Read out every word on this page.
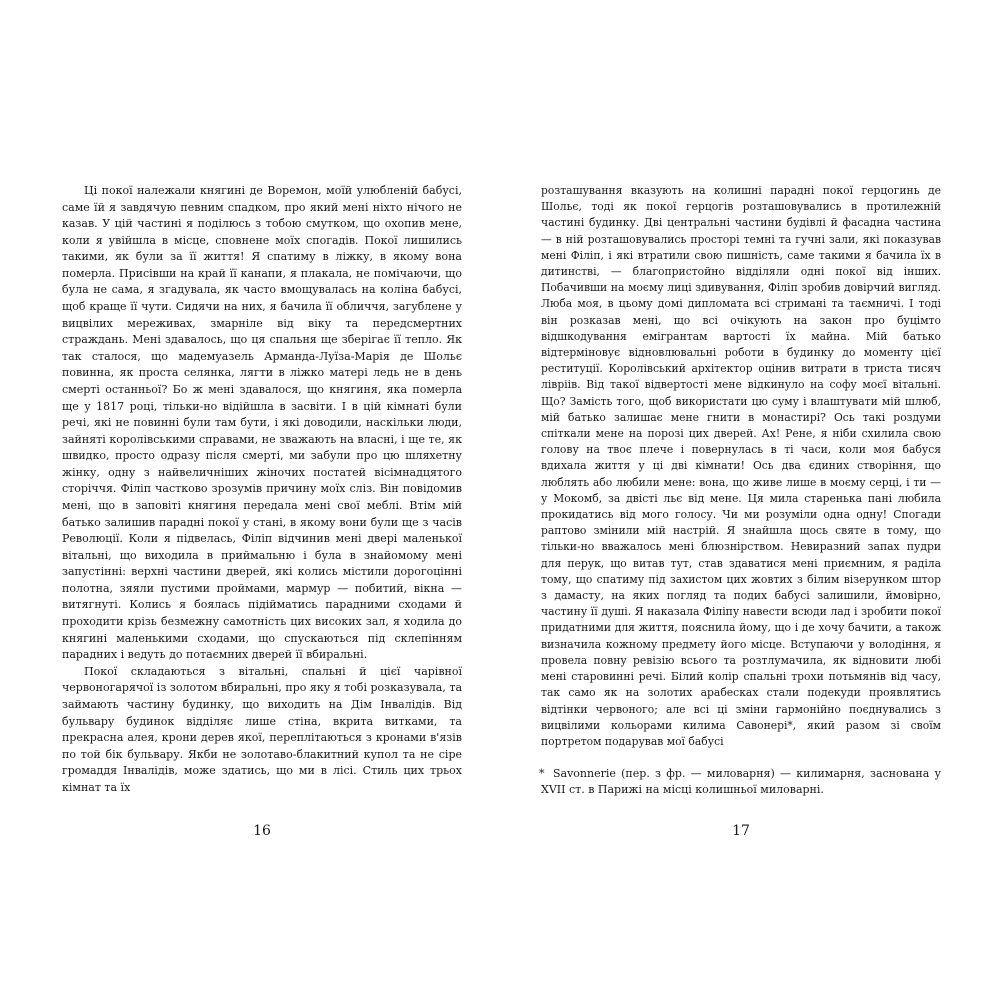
Ці покої належали княгині де Воремон, моїй улюбленій бабусі, саме їй я завдячую певним спадком, про який мені ніхто нічого не казав. У цій частині я поділюсь з тобою смутком, що охопив мене, коли я увійшла в місце, сповнене моїх спогадів. Покої лишились такими, як були за її життя! Я спатиму в ліжку, в якому вона померла. Присівши на край її канапи, я плакала, не помічаючи, що була не сама, я згадувала, як часто вмощувалась на коліна бабусі, щоб краще її чути. Сидячи на них, я бачила її обличчя, загублене у вицвілих мереживах, змарніле від віку та передсмертних страждань. Мені здавалось, що ця спальня ще зберігає її тепло. Як так сталося, що мадемуазель Арманда-Луїза-Марія де Шольє повинна, як проста селянка, лягти в ліжко матері ледь не в день смерті останньої? Бо ж мені здавалося, що княгиня, яка померла ще у 1817 році, тільки-но відійшла в засвіти. І в цій кімнаті були речі, які не повинні були там бути, і які доводили, наскільки люди, зайняті королівськими справами, не зважають на власні, і ще те, як швидко, просто одразу після смерті, ми забули про цю шляхетну жінку, одну з найвеличніших жіночих постатей вісімнадцятого сторіччя. Філіп частково зрозумів причину моїх сліз. Він повідомив мені, що в заповіті княгиня передала мені свої меблі. Втім мій батько залишив парадні покої у стані, в якому вони були ще з часів Революції. Коли я підвелась, Філіп відчинив мені двері маленької вітальні, що виходила в приймальню і була в знайомому мені запустінні: верхні частини дверей, які колись містили дорогоцінні полотна, зяяли пустими проймами, мармур — побитий, вікна — витягнуті. Колись я боялась підійматись парадними сходами й проходити крізь безмежну самотність цих високих зал, я ходила до княгині маленькими сходами, що спускаються під склепінням парадних і ведуть до потаємних дверей її вбиральні.

Покої складаються з вітальні, спальні й цієї чарівної червоногарячої із золотом вбиральні, про яку я тобі розказувала, та займають частину будинку, що виходить на Дім Інвалідів. Від бульвару будинок відділяє лише стіна, вкрита витками, та прекрасна алея, крони дерев якої, переплітаються з кронами в'язів по той бік бульвару. Якби не золотаво-блакитний купол та не сіре громаддя Інвалідів, може здатись, що ми в лісі. Стиль цих трьох кімнат та їх

розташування вказують на колишні парадні покої герцогинь де Шольє, тоді як покої герцогів розташовувались в протилежній частині будинку. Дві центральні частини будівлі й фасадна частина — в ній розташовувались просторі темні та гучні зали, які показував мені Філіп, і які втратили свою пишність, саме такими я бачила їх в дитинстві, — благопристойно відділяли одні покої від інших. Побачивши на моєму лиці здивування, Філіп зробив довірчий вигляд. Люба моя, в цьому домі дипломата всі стримані та таємничі. І тоді він розказав мені, що всі очікують на закон про буцімто відшкодування емігрантам вартості їх майна. Мій батько відтерміновує відновлювальні роботи в будинку до моменту цієї реституції. Королівський архітектор оцінив витрати в триста тисяч лівріів. Від такої відвертості мене відкинуло на софу моєї вітальні. Що? Замість того, щоб використати цю суму і влаштувати мій шлюб, мій батько залишає мене гнити в монастирі? Ось такі роздуми спіткали мене на порозі цих дверей. Ах! Рене, я ніби схилила свою голову на твоє плече і повернулась в ті часи, коли моя бабуся вдихала життя у ці дві кімнати! Ось два єдиних створіння, що люблять або любили мене: вона, що живе лише в моєму серці, і ти — у Мокомб, за двісті льє від мене. Ця мила старенька пані любила прокидатись від мого голосу. Чи ми розуміли одна одну! Спогади раптово змінили мій настрій. Я знайшла щось святе в тому, що тільки-но вважалось мені блюзнірством. Невиразний запах пудри для перук, що витав тут, став здаватися мені приємним, я раділа тому, що спатиму під захистом цих жовтих з білим візерунком штор з дамасту, на яких погляд та подих бабусі залишили, ймовірно, частину її душі. Я наказала Філіпу навести всюди лад і зробити покої придатними для життя, пояснила йому, що і де хочу бачити, а також визначила кожному предмету його місце. Вступаючи у володіння, я провела повну ревізію всього та розтлумачила, як відновити любі мені старовинні речі. Білий колір спальні трохи потьмянів від часу, так само як на золотих арабесках стали подекуди проявлятись відтінки червоного; але всі ці зміни гармонійно поєднувались з вицвілими кольорами килима Савонері*, який разом зі своїм портретом подарував мої бабусі

* Savonnerie (пер. з фр. — миловарня) — килимарня, заснована у XVII ст. в Парижі на місці колишньої миловарні.
16	17
